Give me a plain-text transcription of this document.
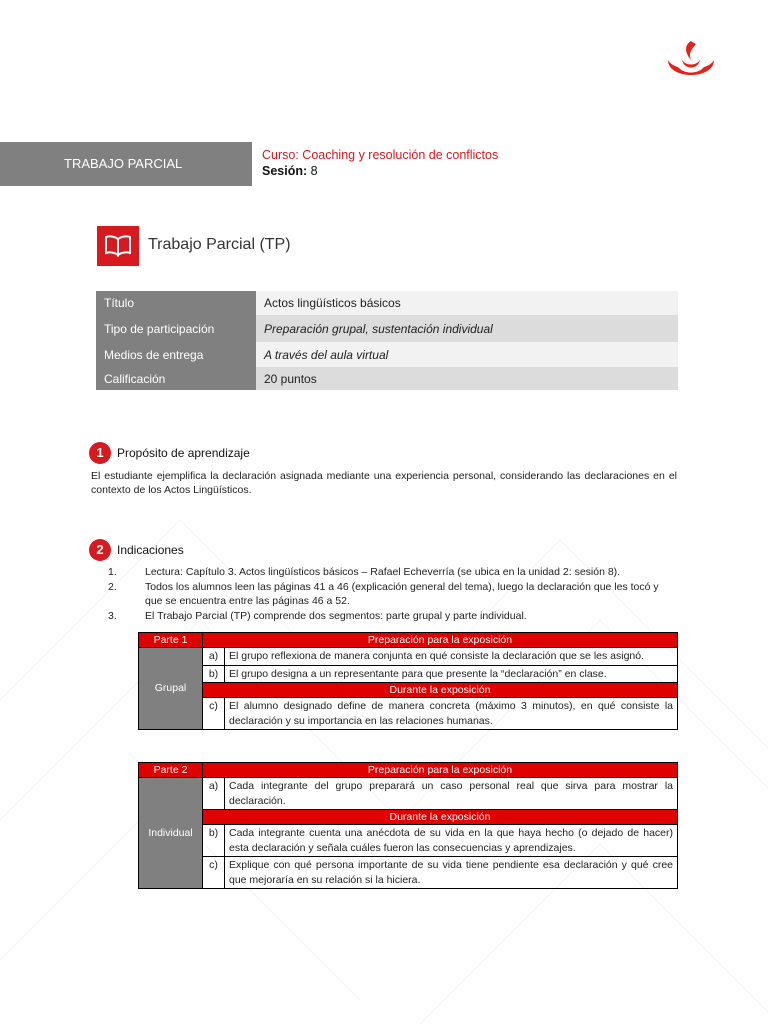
TRABAJO PARCIAL
Curso: Coaching y resolución de conflictos
Sesión: 8
Trabajo Parcial (TP)
Título	Actos lingüísticos básicos
Tipo de participación	Preparación grupal, sustentación individual
Medios de entrega	A través del aula virtual
Calificación	20 puntos
1	Propósito de aprendizaje
El estudiante ejemplifica la declaración asignada mediante una experiencia personal, considerando las declaraciones en el contexto de los Actos Lingüísticos.
2	Indicaciones
1.	Lectura: Capítulo 3. Actos lingüísticos básicos – Rafael Echeverría (se ubica en la unidad 2: sesión 8).
2.	Todos los alumnos leen las páginas 41 a 46 (explicación general del tema), luego la declaración que les tocó y que se encuentra entre las páginas 46 a 52.
3.	El Trabajo Parcial (TP) comprende dos segmentos: parte grupal y parte individual.
Parte 1	Preparación para la exposición	
Grupal	a)	El grupo reflexiona de manera conjunta en qué consiste la declaración que se les asignó.
	b)	El grupo designa a un representante para que presente la “declaración” en clase.
	Durante la exposición	
	c)	El alumno designado define de manera concreta (máximo 3 minutos), en qué consiste la declaración y su importancia en las relaciones humanas.
Parte 2	Preparación para la exposición	
Individual	a)	Cada integrante del grupo preparará un caso personal real que sirva para mostrar la declaración.
	Durante la exposición	
	b)	Cada integrante cuenta una anécdota de su vida en la que haya hecho (o dejado de hacer) esta declaración y señala cuáles fueron las consecuencias y aprendizajes.
	c)	Explique con qué persona importante de su vida tiene pendiente esa declaración y qué cree que mejoraría en su relación si la hiciera.
